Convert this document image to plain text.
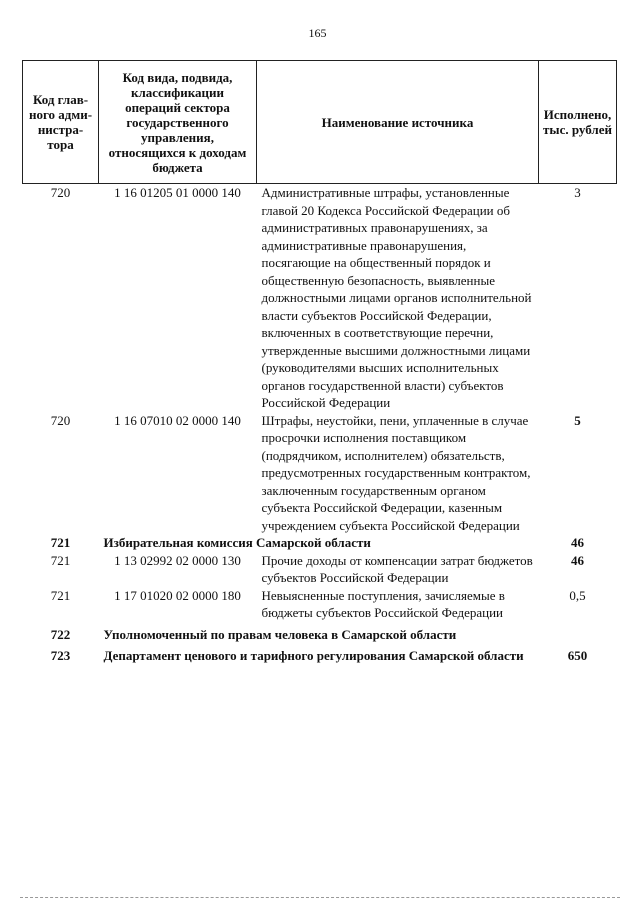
165
Код глав- ного адми- нистра- тора	Код вида, подвида, классификации операций сектора государственного управления, относящихся к доходам бюджета	Наименование источника	Исполнено, тыс. рублей
720	1 16 01205 01 0000 140	Административные штрафы, установленные главой 20 Кодекса Российской Федерации об административных правонарушениях, за административные правонарушения, посягающие на общественный порядок и общественную безопасность, выявленные должностными лицами органов исполнительной власти субъектов Российской Федерации, включенных в соответствующие перечни, утвержденные высшими должностными лицами (руководителями высших исполнительных органов государственной власти) субъектов Российской Федерации	3
720	1 16 07010 02 0000 140	Штрафы, неустойки, пени, уплаченные в случае просрочки исполнения поставщиком (подрядчиком, исполнителем) обязательств, предусмотренных государственным контрактом, заключенным государственным органом субъекта Российской Федерации, казенным учреждением субъекта Российской Федерации	5
721	Избирательная комиссия Самарской области		46
721	1 13 02992 02 0000 130	Прочие доходы от компенсации затрат бюджетов субъектов Российской Федерации	46
721	1 17 01020 02 0000 180	Невыясненные поступления, зачисляемые в бюджеты субъектов Российской Федерации	0,5
722	Уполномоченный по правам человека в Самарской области		
723	Департамент ценового и тарифного регулирования Самарской области		650
